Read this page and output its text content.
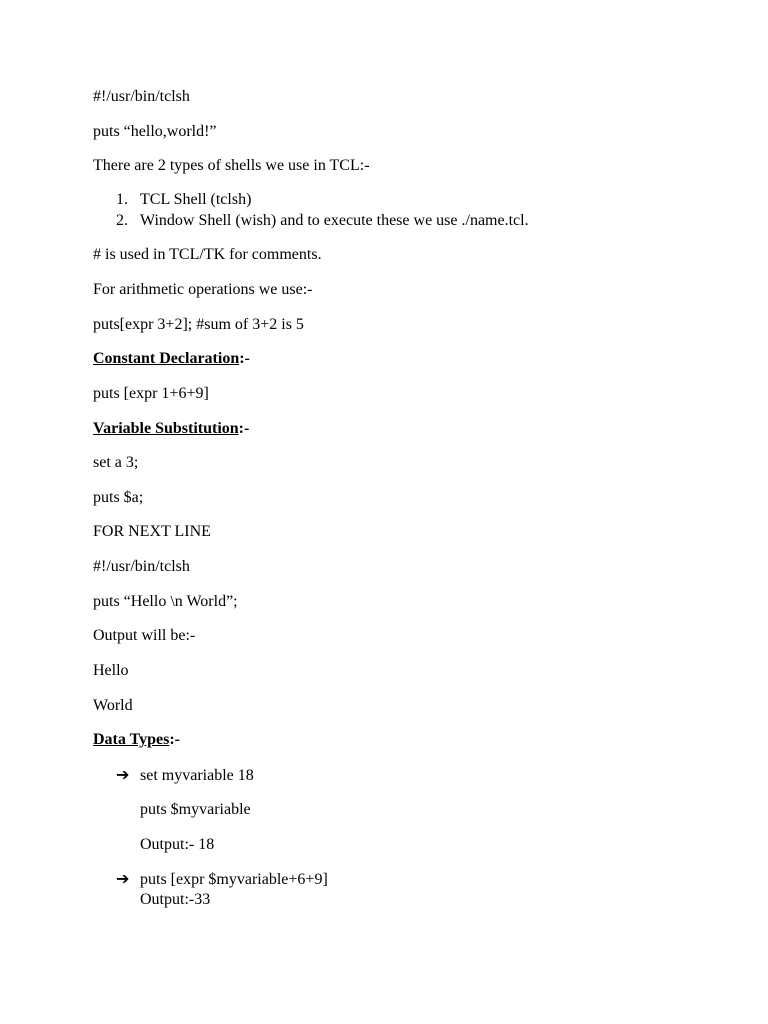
#!/usr/bin/tclsh
puts “hello,world!”
There are 2 types of shells we use in TCL:-
1. TCL Shell (tclsh)
2. Window Shell (wish) and to execute these we use ./name.tcl.
# is used in TCL/TK for comments.
For arithmetic operations we use:-
puts[expr 3+2]; #sum of 3+2 is 5
Constant Declaration:-
puts [expr 1+6+9]
Variable Substitution:-
set a 3;
puts $a;
FOR NEXT LINE
#!/usr/bin/tclsh
puts “Hello \n World”;
Output will be:-
Hello
World
Data Types:-
➔ set myvariable 18
puts $myvariable
Output:- 18
➔ puts [expr $myvariable+6+9]
Output:-33
